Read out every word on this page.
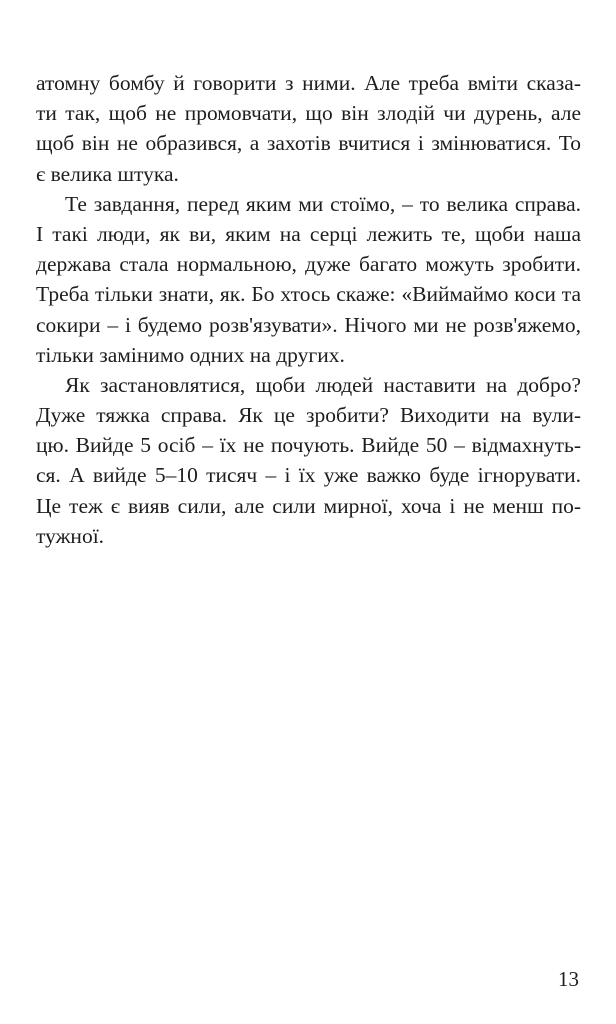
атомну бомбу й говорити з ними. Але треба вміти сказа-
ти так, щоб не промовчати, що він злодій чи дурень, але
щоб він не образився, а захотів вчитися і змінюватися. То
є велика штука.
Те завдання, перед яким ми стоїмо, – то велика справа.
І такі люди, як ви, яким на серці лежить те, щоби наша
держава стала нормальною, дуже багато можуть зробити.
Треба тільки знати, як. Бо хтось скаже: «Виймаймо коси та
сокири – і будемо розв'язувати». Нічого ми не розв'яжемо,
тільки замінимо одних на других.
Як застановлятися, щоби людей наставити на добро?
Дуже тяжка справа. Як це зробити? Виходити на вули-
цю. Вийде 5 осіб – їх не почують. Вийде 50 – відмахнуть-
ся. А вийде 5–10 тисяч – і їх уже важко буде ігнорувати.
Це теж є вияв сили, але сили мирної, хоча і не менш по-
тужної.
13
